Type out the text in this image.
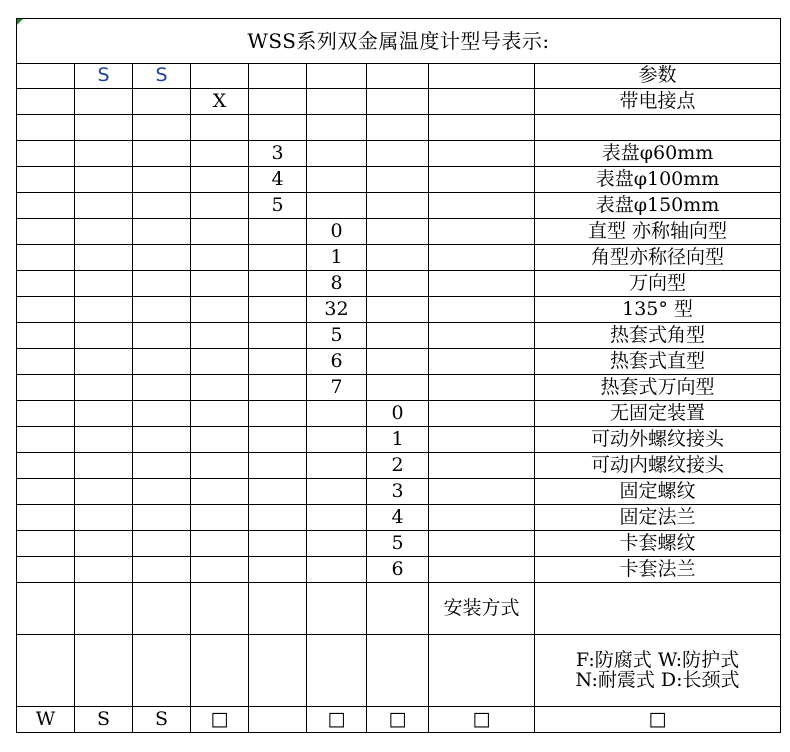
WSS系列双金属温度计型号表示:								
	S	S						参数
			X					带电接点

				3				表盘φ60mm
				4				表盘φ100mm
				5				表盘φ150mm
					0			直型 亦称轴向型
					1			角型亦称径向型
					8			万向型
					32			135° 型
					5			热套式角型
					6			热套式直型
					7			热套式万向型
						0		无固定装置
						1		可动外螺纹接头
						2		可动内螺纹接头
						3		固定螺纹
						4		固定法兰
						5		卡套螺纹
						6		卡套法兰
							安装方式	

								F:防腐式 W:防护式
N:耐震式 D:长颈式

W	S	S	□		□	□	□	□
